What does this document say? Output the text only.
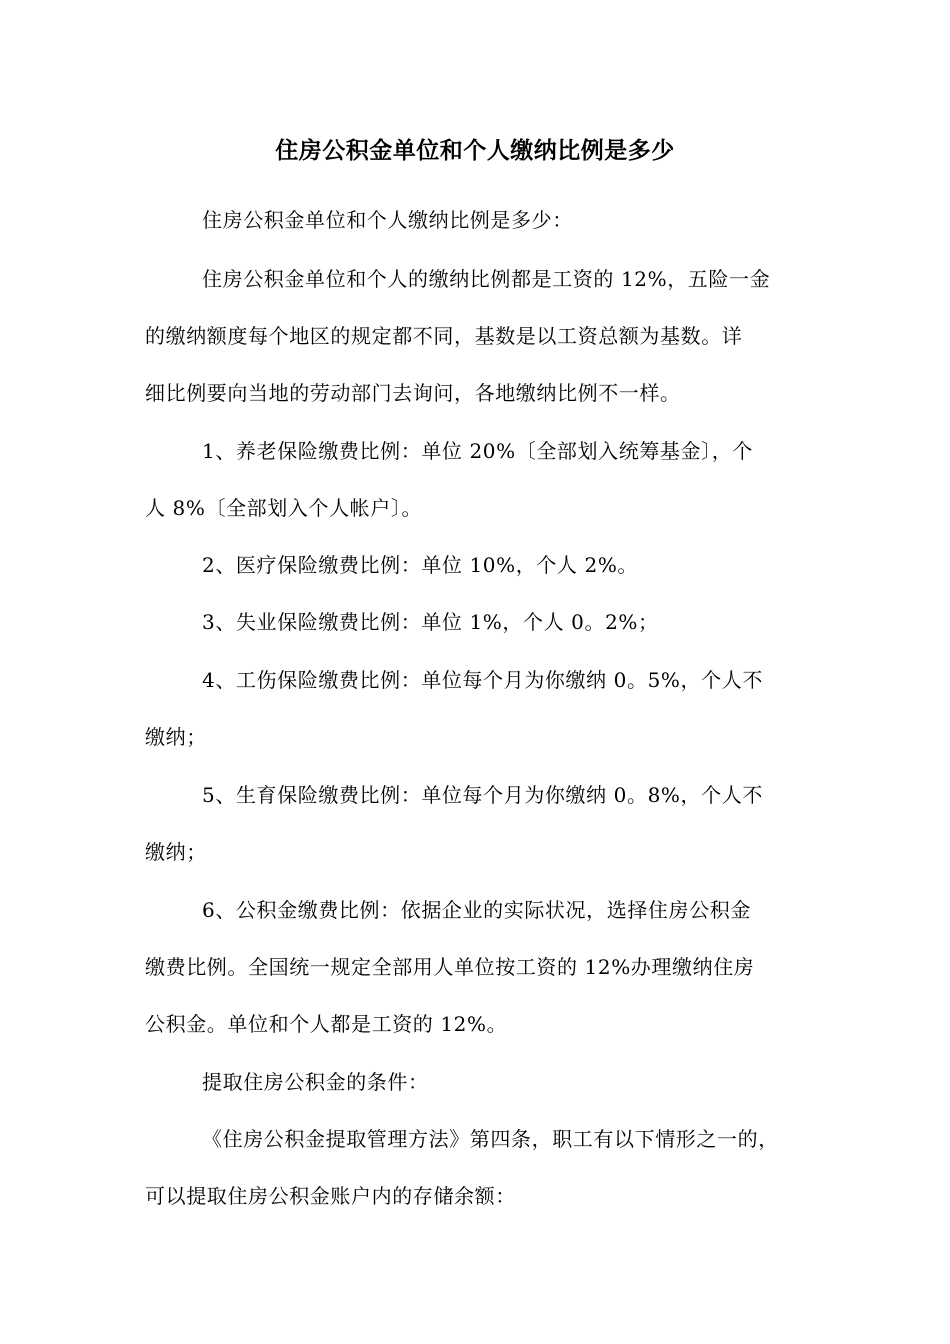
住房公积金单位和个人缴纳比例是多少
住房公积金单位和个人缴纳比例是多少：
住房公积金单位和个人的缴纳比例都是工资的 12%，五险一金
的缴纳额度每个地区的规定都不同，基数是以工资总额为基数。详
细比例要向当地的劳动部门去询问，各地缴纳比例不一样。
1、养老保险缴费比例：单位 20%〔全部划入统筹基金〕，个
人 8%〔全部划入个人帐户〕。
2、医疗保险缴费比例：单位 10%，个人 2%。
3、失业保险缴费比例：单位 1%，个人 0。2%；
4、工伤保险缴费比例：单位每个月为你缴纳 0。5%，个人不
缴纳；
5、生育保险缴费比例：单位每个月为你缴纳 0。8%，个人不
缴纳；
6、公积金缴费比例：依据企业的实际状况，选择住房公积金
缴费比例。全国统一规定全部用人单位按工资的 12%办理缴纳住房
公积金。单位和个人都是工资的 12%。
提取住房公积金的条件：
《住房公积金提取管理方法》第四条，职工有以下情形之一的，
可以提取住房公积金账户内的存储余额：
